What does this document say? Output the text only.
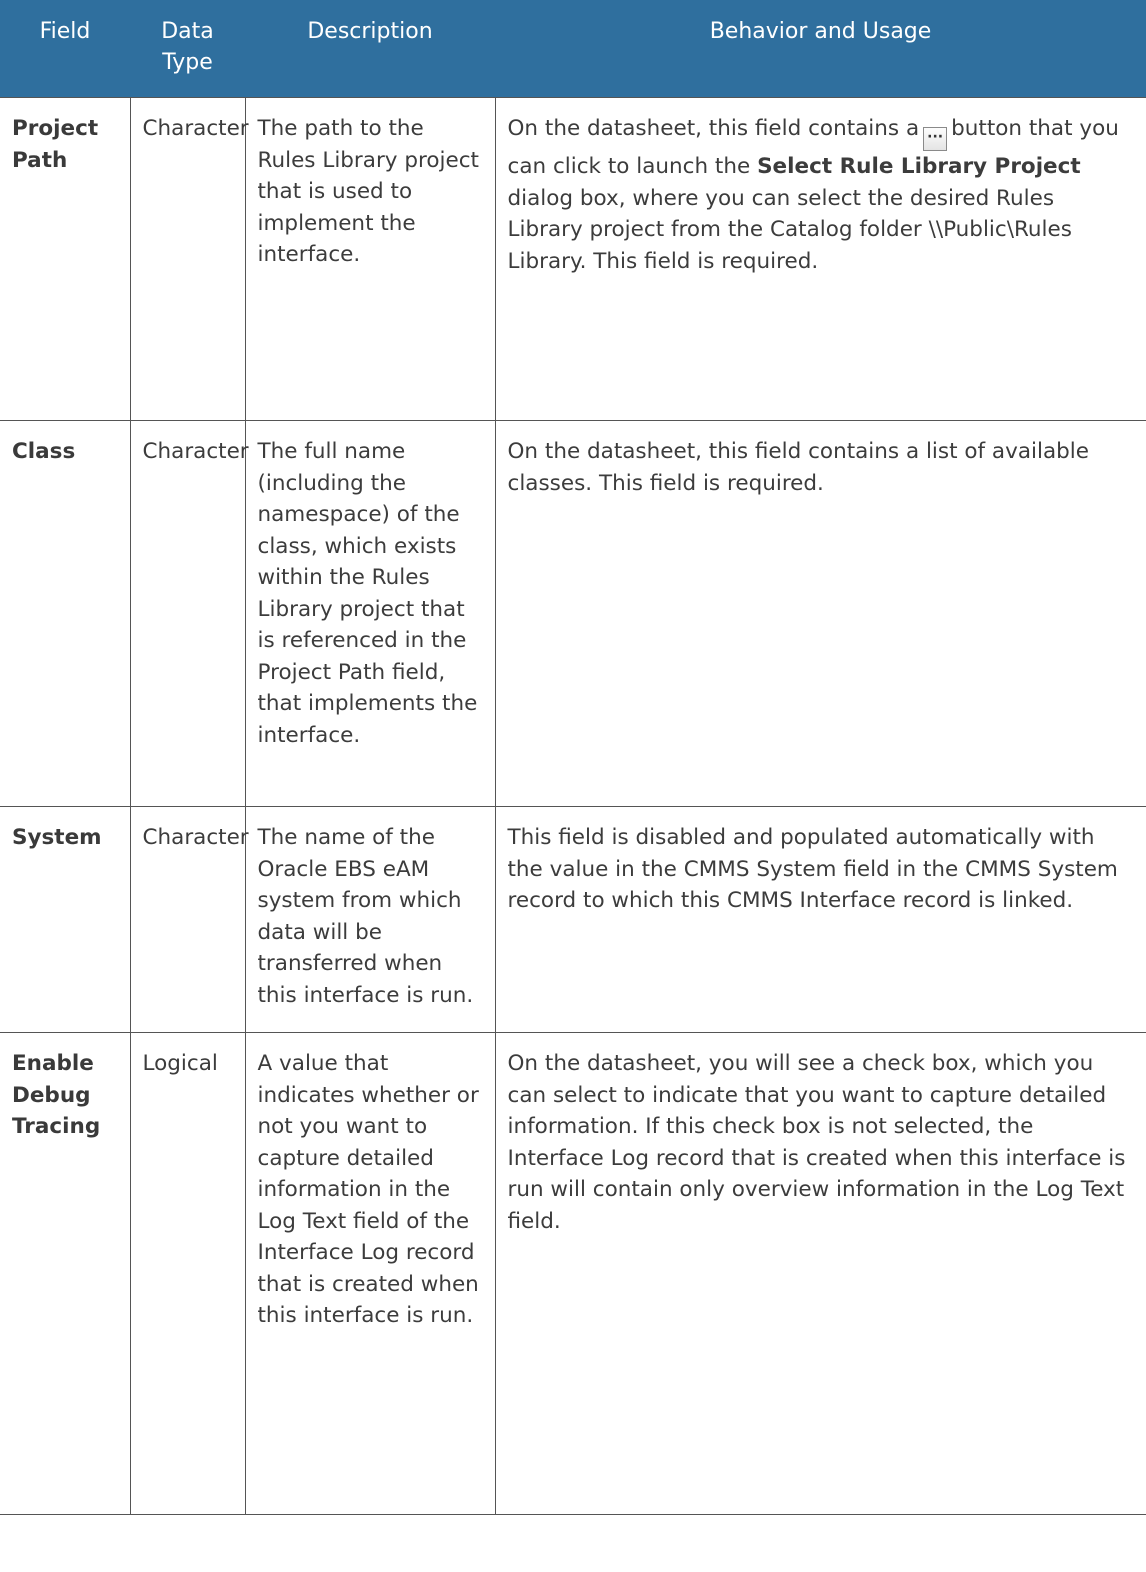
Field	Data Type	Description	Behavior and Usage
Project Path	Character	The path to the Rules Library project that is used to implement the interface.	On the datasheet, this field contains a ··· button that you can click to launch the Select Rule Library Project dialog box, where you can select the desired Rules Library project from the Catalog folder \\Public\Rules Library. This field is required.
Class	Character	The full name (including the namespace) of the class, which exists within the Rules Library project that is referenced in the Project Path field, that implements the interface.	On the datasheet, this field contains a list of available classes. This field is required.
System	Character	The name of the Oracle EBS eAM system from which data will be transferred when this interface is run.	This field is disabled and populated automatically with the value in the CMMS System field in the CMMS System record to which this CMMS Interface record is linked.
Enable Debug Tracing	Logical	A value that indicates whether or not you want to capture detailed information in the Log Text field of the Interface Log record that is created when this interface is run.	On the datasheet, you will see a check box, which you can select to indicate that you want to capture detailed information. If this check box is not selected, the Interface Log record that is created when this interface is run will contain only overview information in the Log Text field.
